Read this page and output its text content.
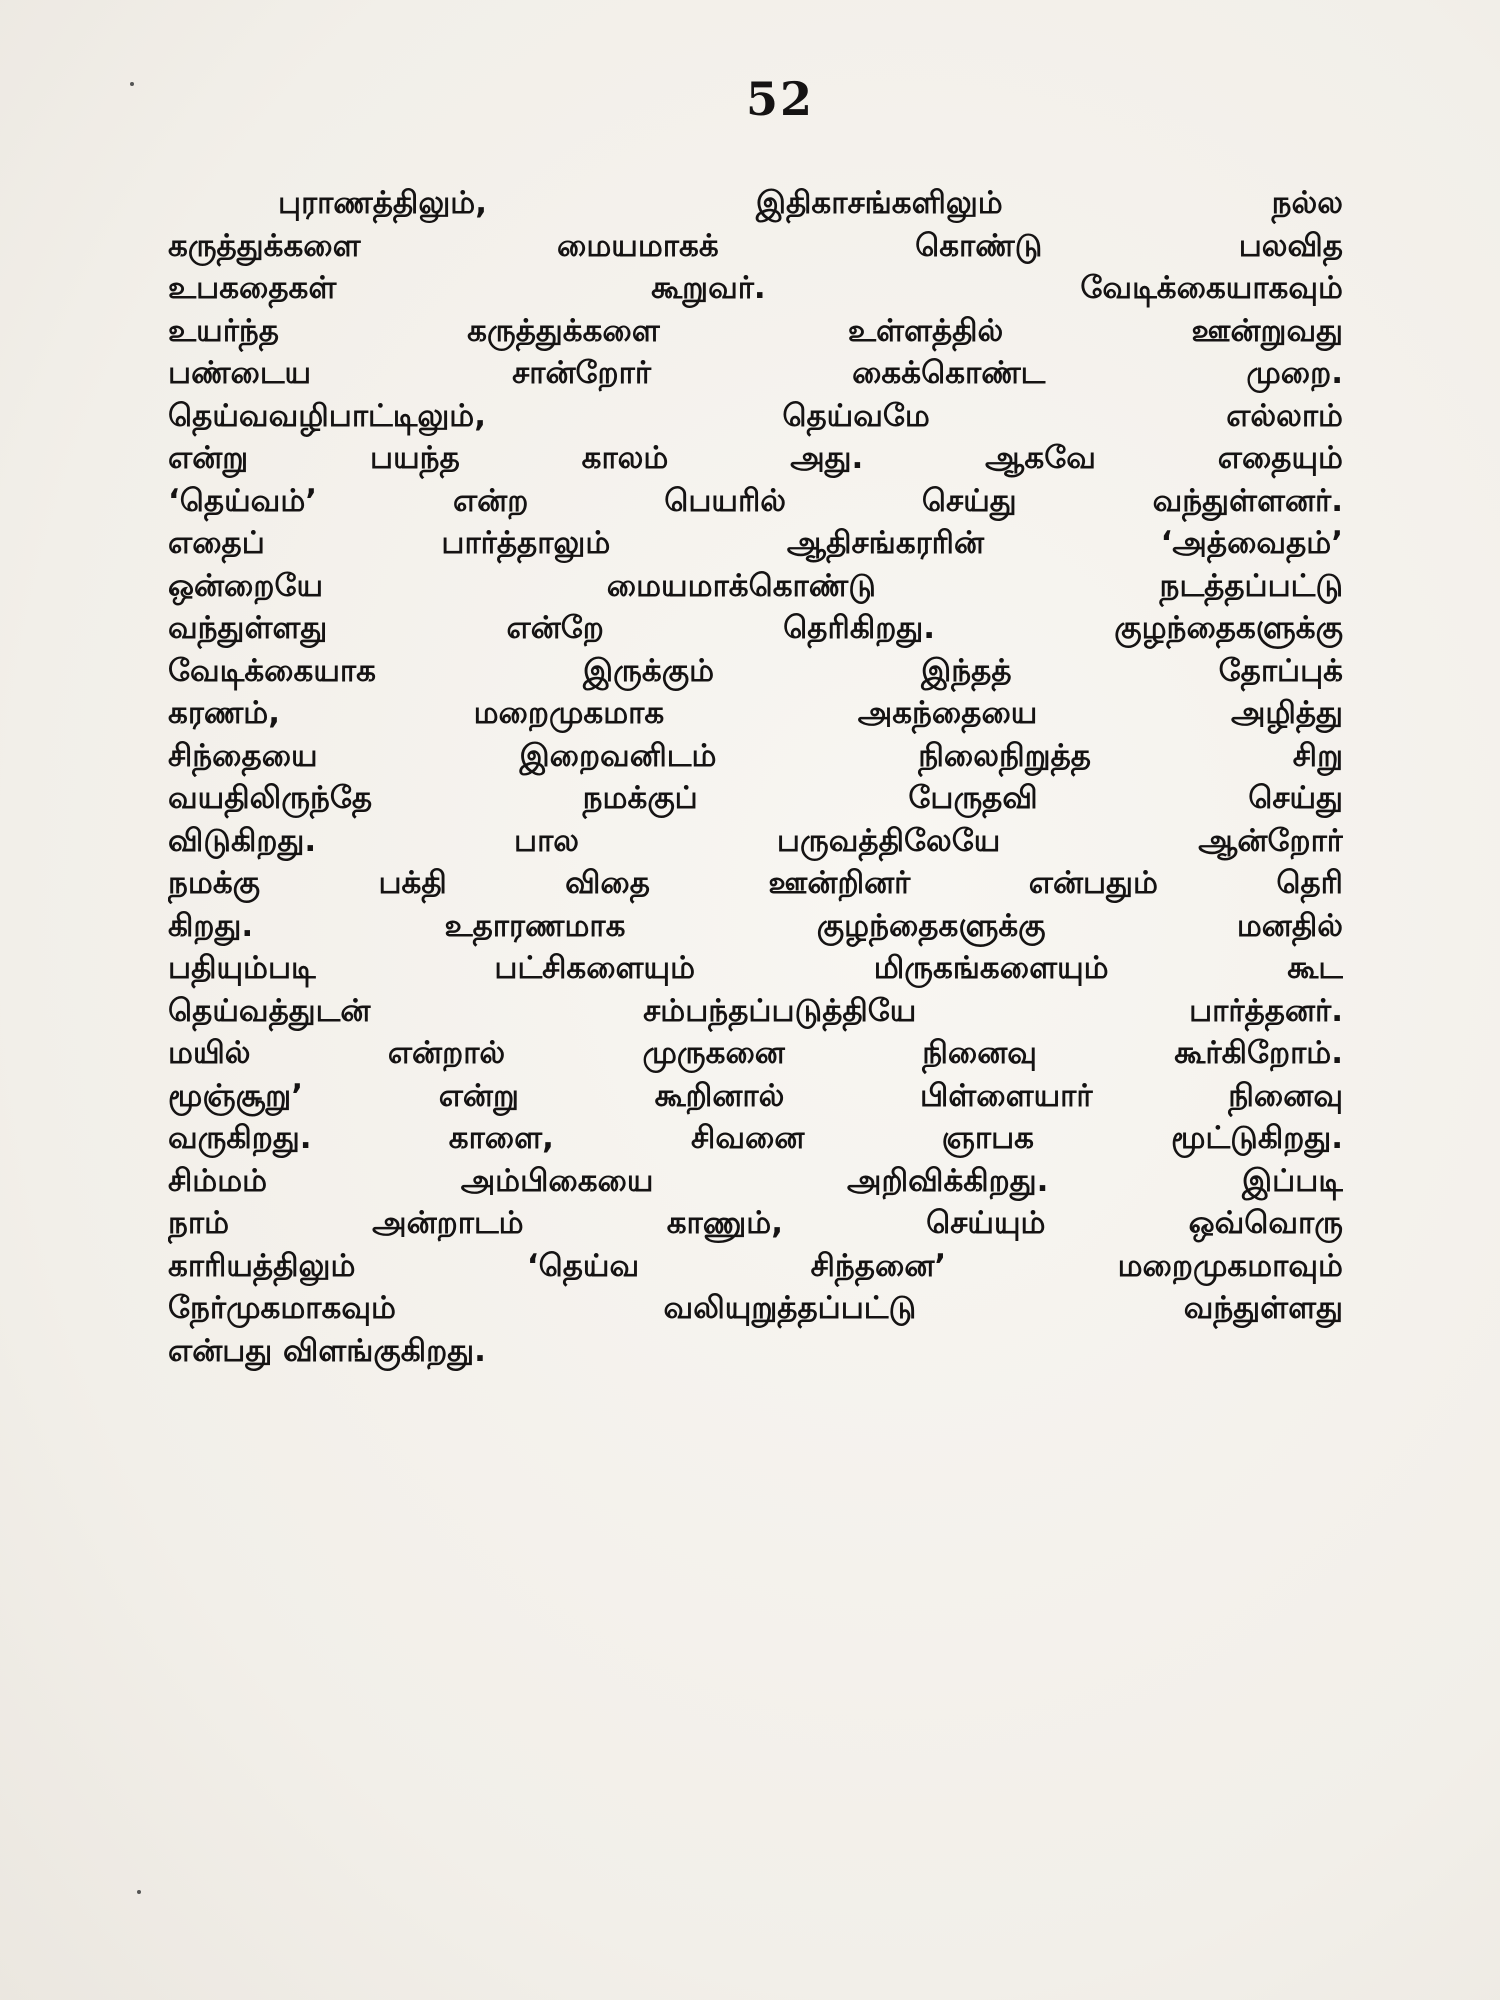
52
புராணத்திலும், இதிகாசங்களிலும் நல்ல
கருத்துக்களை மையமாகக் கொண்டு பலவித
உபகதைகள் கூறுவர். வேடிக்கையாகவும்
உயர்ந்த கருத்துக்களை உள்ளத்தில் ஊன்றுவது
பண்டைய சான்றோர் கைக்கொண்ட முறை.
தெய்வவழிபாட்டிலும், தெய்வமே எல்லாம்
என்று பயந்த காலம் அது. ஆகவே எதையும்
‘தெய்வம்’ என்ற பெயரில் செய்து வந்துள்ளனர்.
எதைப் பார்த்தாலும் ஆதிசங்கரரின் ‘அத்வைதம்’
ஒன்றையே மையமாக்கொண்டு நடத்தப்பட்டு
வந்துள்ளது என்றே தெரிகிறது. குழந்தைகளுக்கு
வேடிக்கையாக இருக்கும் இந்தத் தோப்புக்
கரணம், மறைமுகமாக அகந்தையை அழித்து
சிந்தையை இறைவனிடம் நிலைநிறுத்த சிறு
வயதிலிருந்தே நமக்குப் பேருதவி செய்து
விடுகிறது. பால பருவத்திலேயே ஆன்றோர்
நமக்கு பக்தி விதை ஊன்றினர் என்பதும் தெரி
கிறது. உதாரணமாக குழந்தைகளுக்கு மனதில்
பதியும்படி பட்சிகளையும் மிருகங்களையும் கூட
தெய்வத்துடன் சம்பந்தப்படுத்தியே பார்த்தனர்.
மயில் என்றால் முருகனை நினைவு கூர்கிறோம்.
மூஞ்சூறு’ என்று கூறினால் பிள்ளையார் நினைவு
வருகிறது. காளை, சிவனை ஞாபக மூட்டுகிறது.
சிம்மம் அம்பிகையை அறிவிக்கிறது. இப்படி
நாம் அன்றாடம் காணும், செய்யும் ஒவ்வொரு
காரியத்திலும் ‘தெய்வ சிந்தனை’ மறைமுகமாவும்
நேர்முகமாகவும் வலியுறுத்தப்பட்டு வந்துள்ளது
என்பது விளங்குகிறது.
